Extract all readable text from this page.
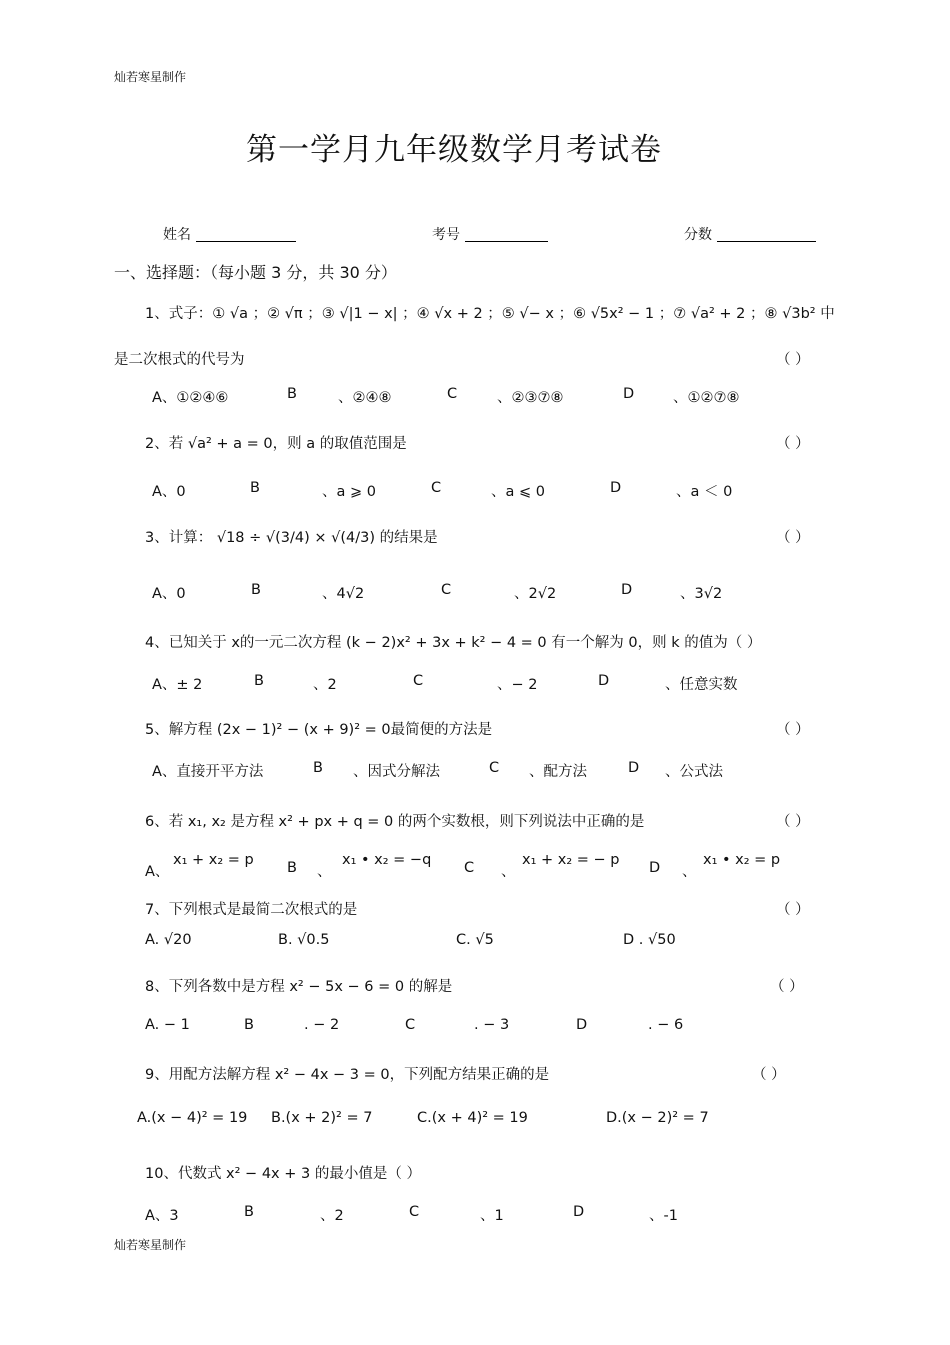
灿若寒星制作
第一学月九年级数学月考试卷
姓名	考号	分数
一、选择题：（每小题 3 分，共 30 分）
1、式子：① √a ；② √π ；③ √|1 − x| ；④ √x + 2 ；⑤ √− x ；⑥ √5x² − 1 ；⑦ √a² + 2 ；⑧ √3b² 中
是二次根式的代号为	（ ）
A、①②④⑥	B	、②④⑧	C	、②③⑦⑧	D	、①②⑦⑧
2、若 √a² + a = 0，则 a 的取值范围是	（ ）
A、0	B	、a ⩾ 0	C	、a ⩽ 0	D	、a ＜ 0
3、计算： √18 ÷ √(3/4) × √(4/3) 的结果是	（ ）
A、0	B	、4√2	C	、2√2	D	、3√2
4、已知关于 x的一元二次方程 (k − 2)x² + 3x + k² − 4 = 0 有一个解为 0，则 k 的值为（ ）
A、± 2	B	、2	C	、− 2	D	、任意实数
5、解方程 (2x − 1)² − (x + 9)² = 0最简便的方法是	（ ）
A、直接开平方法	B 、因式分解法	C 、配方法	D 、公式法
6、若 x₁, x₂ 是方程 x² + px + q = 0 的两个实数根，则下列说法中正确的是	（ ）
A、
x₁ + x₂ = p B 、
x₁ • x₂ = −q C 、
x₁ + x₂ = − p D 、
x₁ • x₂ = p
7、下列根式是最简二次根式的是	（ ）
A. √20	B. √0.5	C. √5	D . √50
8、下列各数中是方程 x² − 5x − 6 = 0 的解是	（ ）
A. − 1	B	. − 2	C	. − 3	D	. − 6
9、用配方法解方程 x² − 4x − 3 = 0，下列配方结果正确的是	（ ）
A.(x − 4)² = 19 B.(x + 2)² = 7	C.(x + 4)² = 19	D.(x − 2)² = 7
10、代数式 x² − 4x + 3 的最小值是（ ）
A、3	B	、2	C	、1	D	、-1
灿若寒星制作
